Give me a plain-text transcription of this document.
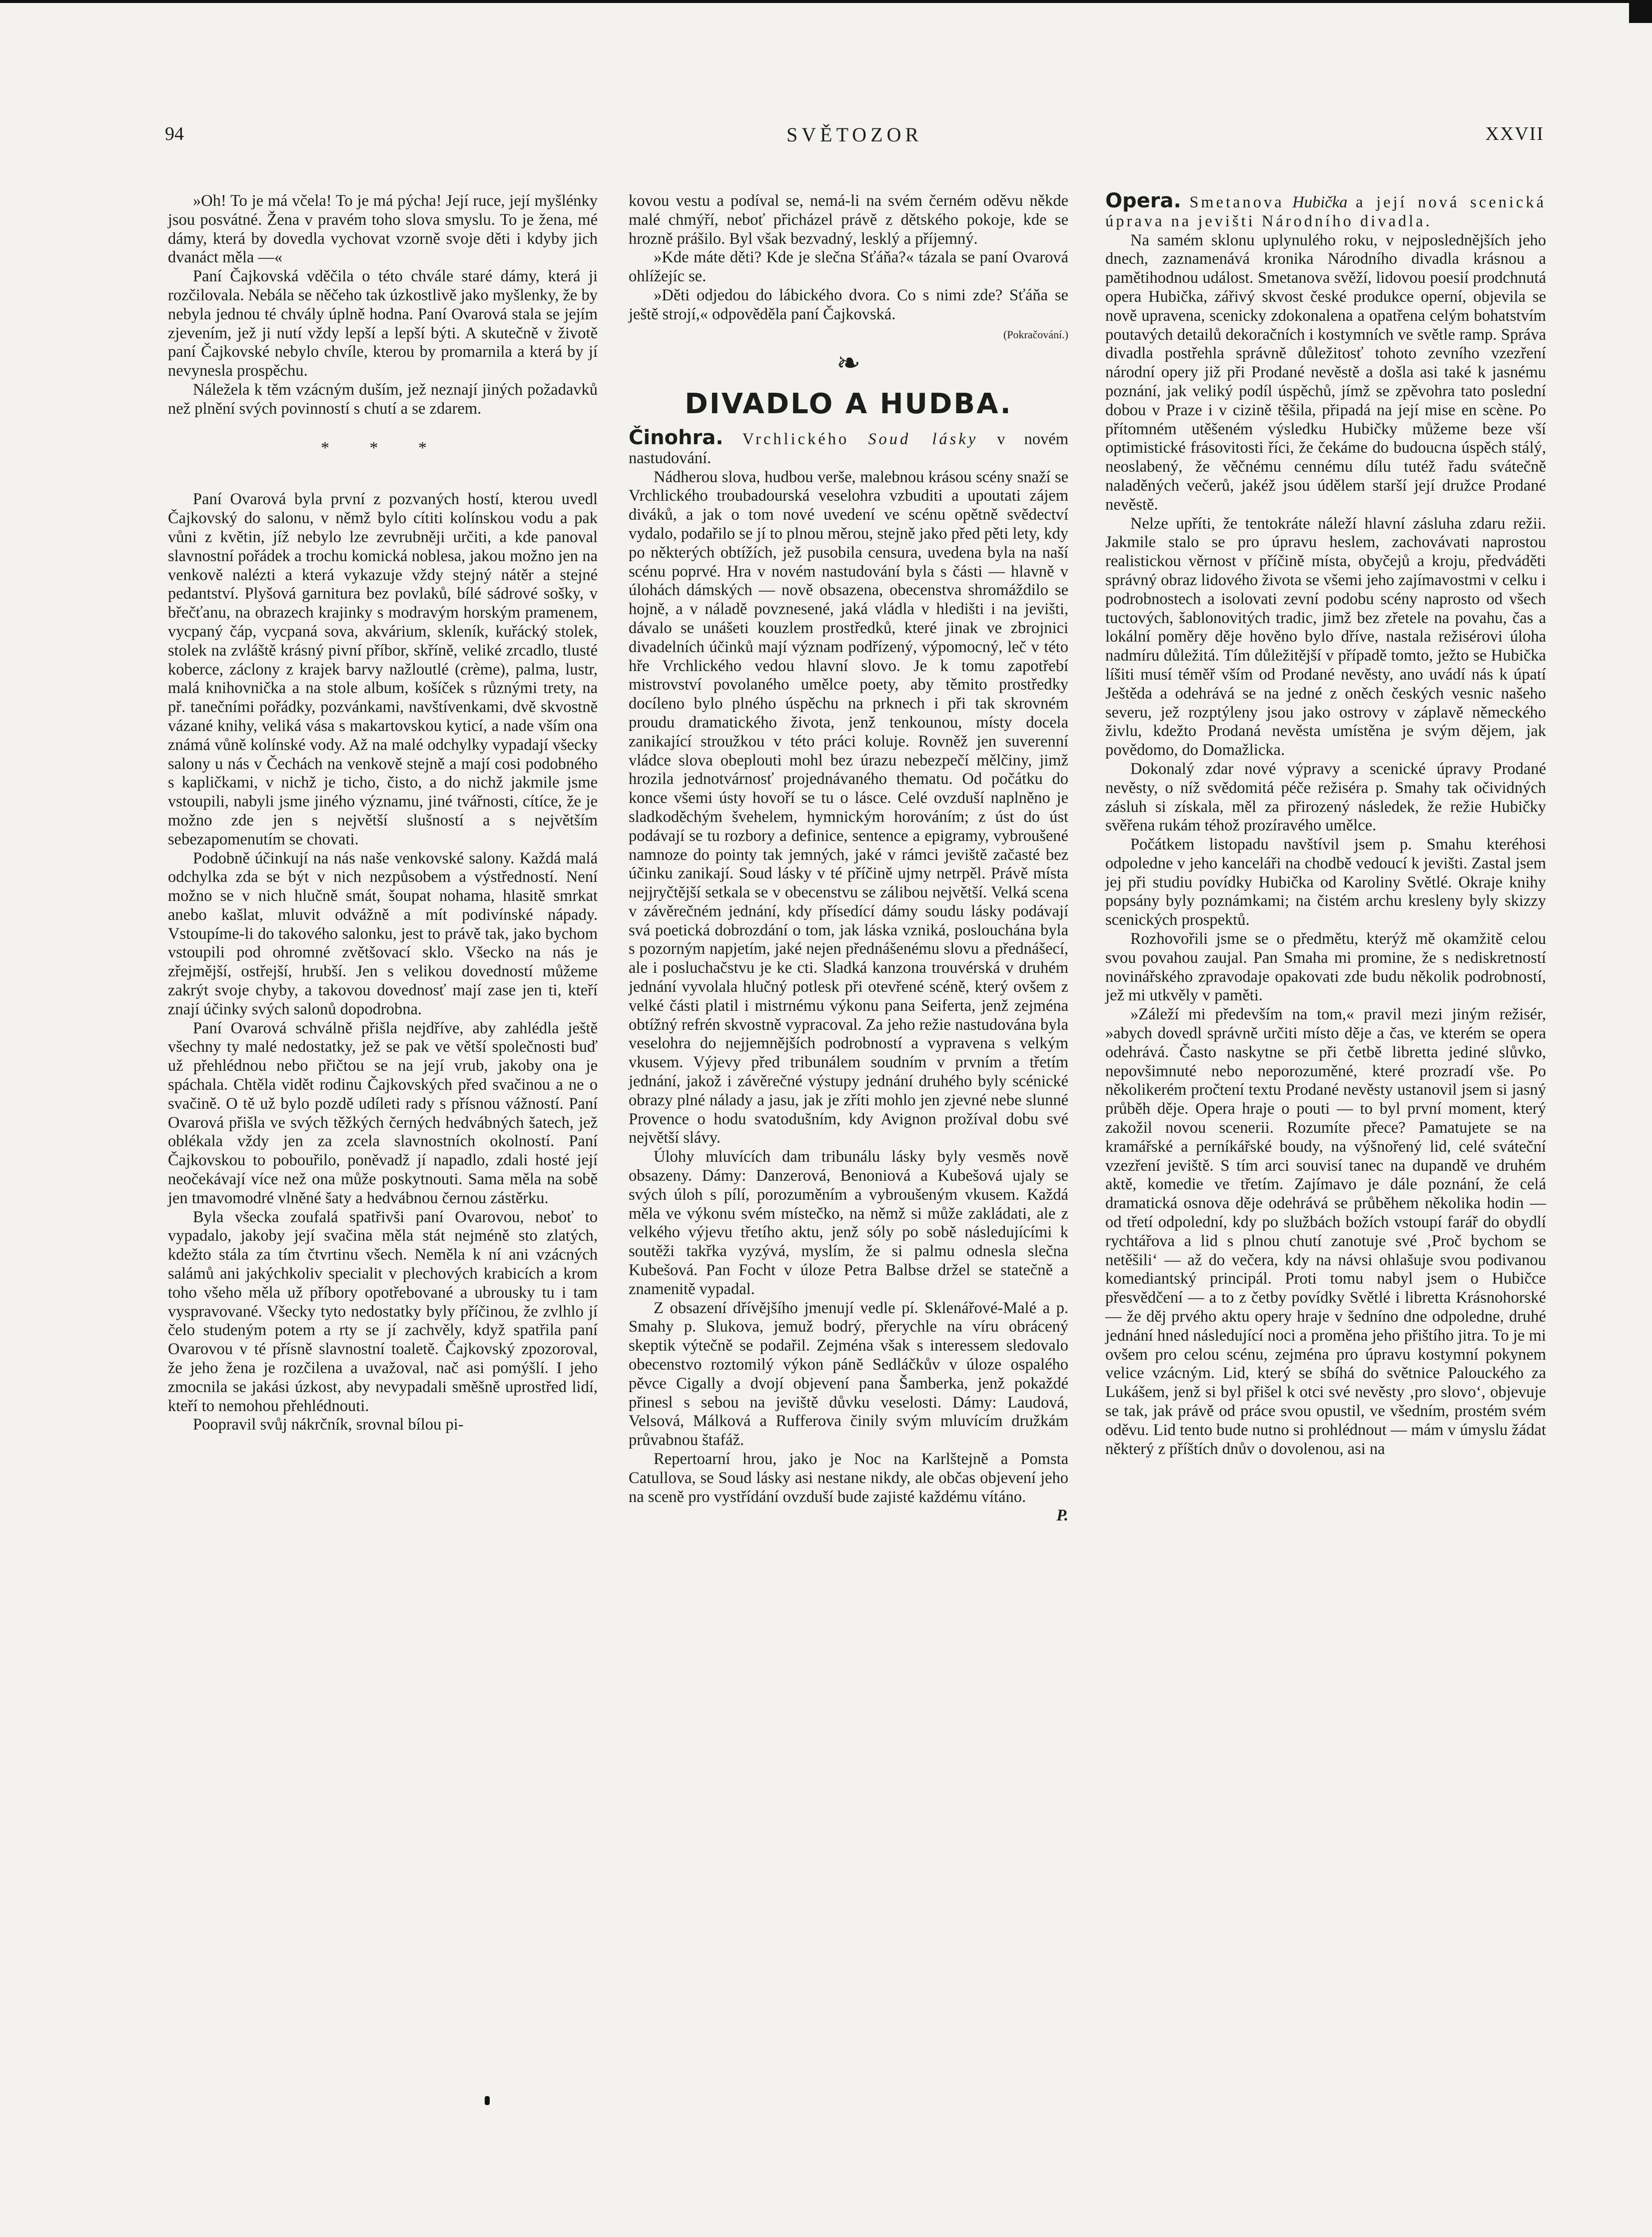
94	SVĚTOZOR	XXVII

»Oh! To je má včela! To je má pýcha! Její ruce, její myšlénky jsou posvátné. Žena v pravém toho slova smyslu. To je žena, mé dámy, která by dovedla vychovat vzorně svoje děti i kdyby jich dvanáct měla —«

Paní Čajkovská vděčila o této chvále staré dámy, která ji rozčilovala. Nebála se něčeho tak úzkostlivě jako myšlenky, že by nebyla jednou té chvály úplně hodna. Paní Ovarová stala se jejím zjevením, jež ji nutí vždy lepší a lepší býti. A skutečně v životě paní Čajkovské nebylo chvíle, kterou by promarnila a která by jí nevynesla prospěchu.

Náležela k těm vzácným duším, jež neznají jiných požadavků než plnění svých povinností s chutí a se zdarem.

* * *

Paní Ovarová byla první z pozvaných hostí, kterou uvedl Čajkovský do salonu, v němž bylo cítiti kolínskou vodu a pak vůni z květin, jíž nebylo lze zevrubněji určiti, a kde panoval slavnostní pořádek a trochu komická noblesa, jakou možno jen na venkově nalézti a která vykazuje vždy stejný nátěr a stejné pedantství. Plyšová garnitura bez povlaků, bílé sádrové sošky, v břečťanu, na obrazech krajinky s modravým horským pramenem, vycpaný čáp, vycpaná sova, akvárium, skleník, kuřácký stolek, stolek na zvláště krásný pivní příbor, skříně, veliké zrcadlo, tlusté koberce, záclony z krajek barvy nažloutlé (crème), palma, lustr, malá knihovnička a na stole album, košíček s různými trety, na př. tanečními pořádky, pozvánkami, navštívenkami, dvě skvostně vázané knihy, veliká vása s makartovskou kyticí, a nade vším ona známá vůně kolínské vody. Až na malé odchylky vypadají všecky salony u nás v Čechách na venkově stejně a mají cosi podobného s kapličkami, v nichž je ticho, čisto, a do nichž jakmile jsme vstoupili, nabyli jsme jiného významu, jiné tvářnosti, cítíce, že je možno zde jen s největší slušností a s největším sebezapomenutím se chovati.

Podobně účinkují na nás naše venkovské salony. Každá malá odchylka zda se být v nich nezpůsobem a výstředností. Není možno se v nich hlučně smát, šoupat nohama, hlasitě smrkat anebo kašlat, mluvit odvážně a mít podivínské nápady. Vstoupíme-li do takového salonku, jest to právě tak, jako bychom vstoupili pod ohromné zvětšovací sklo. Všecko na nás je zřejmější, ostřejší, hrubší. Jen s velikou dovedností můžeme zakrýt svoje chyby, a takovou dovednosť mají zase jen ti, kteří znají účinky svých salonů dopodrobna.

Paní Ovarová schválně přišla nejdříve, aby zahlédla ještě všechny ty malé nedostatky, jež se pak ve větší společnosti buď už přehlédnou nebo přičtou se na její vrub, jakoby ona je spáchala. Chtěla vidět rodinu Čajkovských před svačinou a ne o svačině. O tě už bylo pozdě udíleti rady s přísnou vážností. Paní Ovarová přišla ve svých těžkých černých hedvábných šatech, jež oblékala vždy jen za zcela slavnostních okolností. Paní Čajkovskou to pobouřilo, poněvadž jí napadlo, zdali hosté její neočekávají více než ona může poskytnouti. Sama měla na sobě jen tmavomodré vlněné šaty a hedvábnou černou zástěrku.

Byla všecka zoufalá spatřivši paní Ovarovou, neboť to vypadalo, jakoby její svačina měla stát nejméně sto zlatých, kdežto stála za tím čtvrtinu všech. Neměla k ní ani vzácných salámů ani jakýchkoliv specialit v plechových krabicích a krom toho všeho měla už příbory opotřebované a ubrousky tu i tam vyspravované. Všecky tyto nedostatky byly příčinou, že zvlhlo jí čelo studeným potem a rty se jí zachvěly, když spatřila paní Ovarovou v té přísně slavnostní toaletě. Čajkovský zpozoroval, že jeho žena je rozčilena a uvažoval, nač asi pomýšlí. I jeho zmocnila se jakási úzkost, aby nevypadali směšně uprostřed lidí, kteří to nemohou přehlédnouti.

Poopravil svůj nákrčník, srovnal bílou pi-

kovou vestu a podíval se, nemá-li na svém černém oděvu někde malé chmýří, neboť přicházel právě z dětského pokoje, kde se hrozně prášilo. Byl však bezvadný, lesklý a příjemný.

»Kde máte děti? Kde je slečna Sťáňa?« tázala se paní Ovarová ohlížejíc se.

»Děti odjedou do lábického dvora. Co s nimi zde? Sťáňa se ještě strojí,« odpověděla paní Čajkovská.

(Pokračování.)
❧
DIVADLO A HUDBA.

Činohra. Vrchlického Soud lásky v novém nastudování.

Nádherou slova, hudbou verše, malebnou krásou scény snaží se Vrchlického troubadourská veselohra vzbuditi a upoutati zájem diváků, a jak o tom nové uvedení ve scénu opětně svědectví vydalo, podařilo se jí to plnou měrou, stejně jako před pěti lety, kdy po některých obtížích, jež pusobila censura, uvedena byla na naší scénu poprvé. Hra v novém nastudování byla s části — hlavně v úlohách dámských — nově obsazena, obecenstva shromáždilo se hojně, a v náladě povznesené, jaká vládla v hledišti i na jevišti, dávalo se unášeti kouzlem prostředků, které jinak ve zbrojnici divadelních účinků mají význam podřízený, výpomocný, leč v této hře Vrchlického vedou hlavní slovo. Je k tomu zapotřebí mistrovství povolaného umělce poety, aby těmito prostředky docíleno bylo plného úspěchu na prknech i při tak skrovném proudu dramatického života, jenž tenkounou, místy docela zanikající stroužkou v této práci koluje. Rovněž jen suverenní vládce slova obeplouti mohl bez úrazu nebezpečí mělčiny, jimž hrozila jednotvárnosť projednávaného thematu. Od počátku do konce všemi ústy hovoří se tu o lásce. Celé ovzduší naplněno je sladkoděchým švehelem, hymnickým horováním; z úst do úst podávají se tu rozbory a definice, sentence a epigramy, vybroušené namnoze do pointy tak jemných, jaké v rámci jeviště začasté bez účinku zanikají. Soud lásky v té příčině ujmy netrpěl. Právě místa nejjryčtější setkala se v obecenstvu se zálibou největší. Velká scena v závěrečném jednání, kdy přísedící dámy soudu lásky podávají svá poetická dobrozdání o tom, jak láska vzniká, poslouchána byla s pozorným napjetím, jaké nejen přednášenému slovu a přednášecí, ale i posluchačstvu je ke cti. Sladká kanzona trouvérská v druhém jednání vyvolala hlučný potlesk při otevřené scéně, který ovšem z velké části platil i mistrnému výkonu pana Seiferta, jenž zejména obtížný refrén skvostně vypracoval. Za jeho režie nastudována byla veselohra do nejjemnějších podrobností a vypravena s velkým vkusem. Výjevy před tribunálem soudním v prvním a třetím jednání, jakož i závěrečné výstupy jednání druhého byly scénické obrazy plné nálady a jasu, jak je zříti mohlo jen zjevné nebe slunné Provence o hodu svatodušním, kdy Avignon prožíval dobu své největší slávy.

Úlohy mluvících dam tribunálu lásky byly vesměs nově obsazeny. Dámy: Danzerová, Benoniová a Kubešová ujaly se svých úloh s pílí, porozuměním a vybroušeným vkusem. Každá měla ve výkonu svém místečko, na němž si může zakládati, ale z velkého výjevu třetího aktu, jenž sóly po sobě následujícími k soutěži takřka vyzývá, myslím, že si palmu odnesla slečna Kubešová. Pan Focht v úloze Petra Balbse držel se statečně a znamenitě vypadal.

Z obsazení dřívějšího jmenují vedle pí. Sklenářové-Malé a p. Smahy p. Slukova, jemuž bodrý, přerychle na víru obrácený skeptik výtečně se podařil. Zejména však s interessem sledovalo obecenstvo roztomilý výkon páně Sedláčkův v úloze ospalého pěvce Cigally a dvojí objevení pana Šamberka, jenž pokaždé přinesl s sebou na jeviště důvku veselosti. Dámy: Laudová, Velsová, Málková a Rufferova činily svým mluvícím družkám průvabnou štafáž.

Repertoarní hrou, jako je Noc na Karlštejně a Pomsta Catullova, se Soud lásky asi nestane nikdy, ale občas objevení jeho na sceně pro vystřídání ovzduší bude zajisté každému vítáno.

P.

Opera. Smetanova Hubička a její nová scenická úprava na jevišti Národního divadla.

Na samém sklonu uplynulého roku, v nejposlednějších jeho dnech, zaznamenává kronika Národního divadla krásnou a pamětihodnou událost. Smetanova svěží, lidovou poesií prodchnutá opera Hubička, zářivý skvost české produkce operní, objevila se nově upravena, scenicky zdokonalena a opatřena celým bohatstvím poutavých detailů dekoračních i kostymních ve světle ramp. Správa divadla postřehla správně důležitosť tohoto zevního vzezření národní opery již při Prodané nevěstě a došla asi také k jasnému poznání, jak veliký podíl úspěchů, jímž se zpěvohra tato poslední dobou v Praze i v cizině těšila, připadá na její mise en scène. Po přítomném utěšeném výsledku Hubičky můžeme beze vší optimistické frásovitosti říci, že čekáme do budoucna úspěch stálý, neoslabený, že věčnému cennému dílu tutéž řadu svátečně naladěných večerů, jakéž jsou údělem starší její družce Prodané nevěstě.

Nelze upříti, že tentokráte náleží hlavní zásluha zdaru režii. Jakmile stalo se pro úpravu heslem, zachovávati naprostou realistickou věrnost v příčině místa, obyčejů a kroju, předváděti správný obraz lidového života se všemi jeho zajímavostmi v celku i podrobnostech a isolovati zevní podobu scény naprosto od všech tuctových, šablonovitých tradic, jimž bez zřetele na povahu, čas a lokální poměry děje hověno bylo dříve, nastala režisérovi úloha nadmíru důležitá. Tím důležitější v případě tomto, ježto se Hubička líšiti musí téměř vším od Prodané nevěsty, ano uvádí nás k úpatí Ještěda a odehrává se na jedné z oněch českých vesnic našeho severu, jež rozptýleny jsou jako ostrovy v záplavě německého živlu, kdežto Prodaná nevěsta umístěna je svým dějem, jak povědomo, do Domažlicka.

Dokonalý zdar nové výpravy a scenické úpravy Prodané nevěsty, o níž svědomitá péče režiséra p. Smahy tak očividných zásluh si získala, měl za přirozený následek, že režie Hubičky svěřena rukám téhož prozíravého umělce.

Počátkem listopadu navštívil jsem p. Smahu kteréhosi odpoledne v jeho kanceláři na chodbě vedoucí k jevišti. Zastal jsem jej při studiu povídky Hubička od Karoliny Světlé. Okraje knihy popsány byly poznámkami; na čistém archu kresleny byly skizzy scenických prospektů.

Rozhovořili jsme se o předmětu, kterýž mě okamžitě celou svou povahou zaujal. Pan Smaha mi promine, že s nediskretností novinářského zpravodaje opakovati zde budu několik podrobností, jež mi utkvěly v paměti.

»Záleží mi především na tom,« pravil mezi jiným režisér, »abych dovedl správně určiti místo děje a čas, ve kterém se opera odehrává. Často naskytne se při četbě libretta jediné slůvko, nepovšimnuté nebo neporozuměné, které prozradí vše. Po několikerém pročtení textu Prodané nevěsty ustanovil jsem si jasný průběh děje. Opera hraje o pouti — to byl první moment, který zakožil novou scenerii. Rozumíte přece? Pamatujete se na kramářské a perníkářské boudy, na výšnořený lid, celé sváteční vzezření jeviště. S tím arci souvisí tanec na dupandě ve druhém aktě, komedie ve třetím. Zajímavo je dále poznání, že celá dramatická osnova děje odehrává se průběhem několika hodin — od třetí odpolední, kdy po službách božích vstoupí farář do obydlí rychtářova a lid s plnou chutí zanotuje své ‚Proč bychom se netěšili‘ — až do večera, kdy na návsi ohlašuje svou podivanou komediantský principál. Proti tomu nabyl jsem o Hubičce přesvědčení — a to z četby povídky Světlé i libretta Krásnohorské — že děj prvého aktu opery hraje v šedníno dne odpoledne, druhé jednání hned následující noci a proměna jeho přištího jitra. To je mi ovšem pro celou scénu, zejména pro úpravu kostymní pokynem velice vzácným. Lid, který se sbíhá do světnice Palouckého za Lukášem, jenž si byl přišel k otci své nevěsty ‚pro slovo‘, objevuje se tak, jak právě od práce svou opustil, ve všedním, prostém svém oděvu. Lid tento bude nutno si prohlédnout — mám v úmyslu žádat některý z příštích dnův o dovolenou, asi na
